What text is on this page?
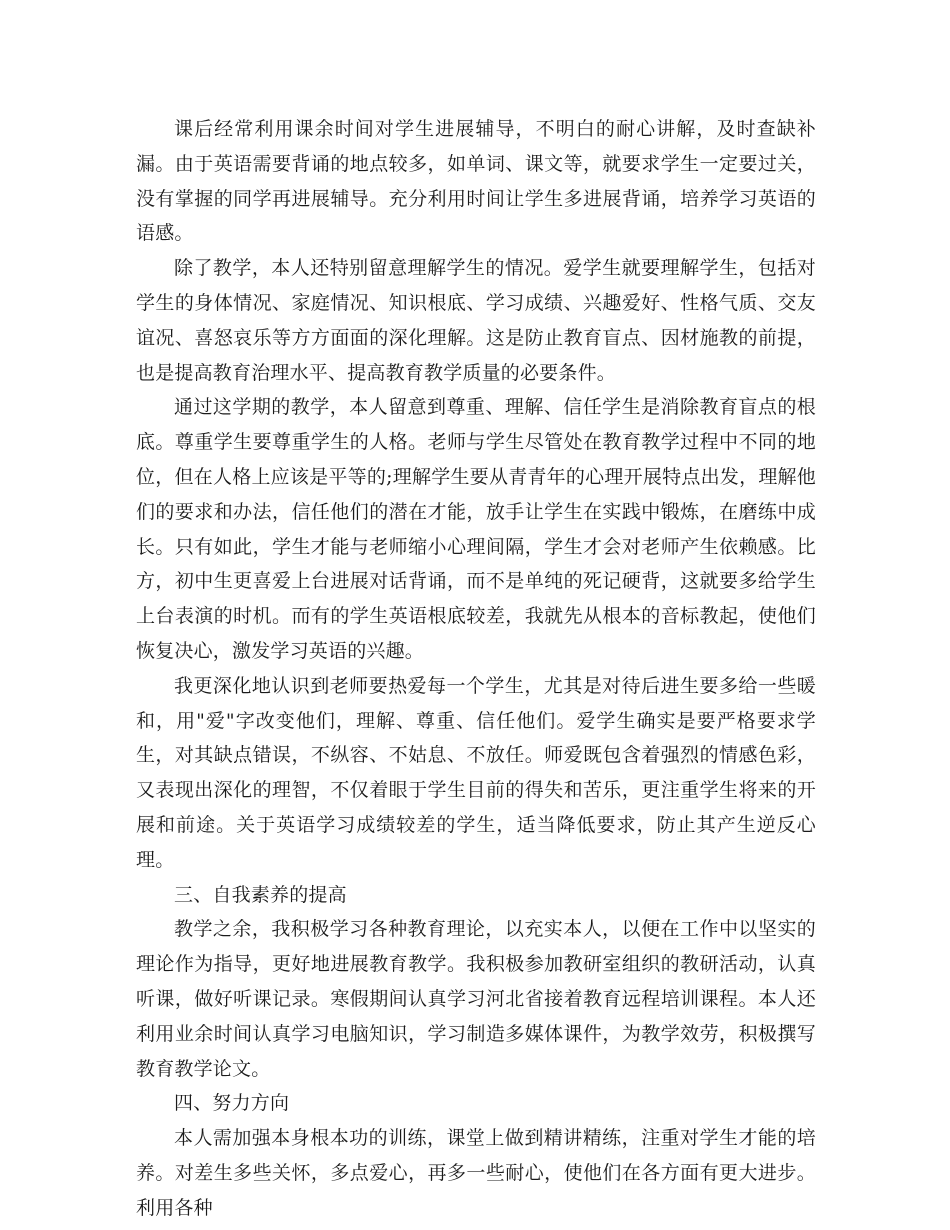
课后经常利用课余时间对学生进展辅导，不明白的耐心讲解，及时查缺补漏。由于英语需要背诵的地点较多，如单词、课文等，就要求学生一定要过关，没有掌握的同学再进展辅导。充分利用时间让学生多进展背诵，培养学习英语的语感。

除了教学，本人还特别留意理解学生的情况。爱学生就要理解学生，包括对学生的身体情况、家庭情况、知识根底、学习成绩、兴趣爱好、性格气质、交友谊况、喜怒哀乐等方方面面的深化理解。这是防止教育盲点、因材施教的前提，也是提高教育治理水平、提高教育教学质量的必要条件。

通过这学期的教学，本人留意到尊重、理解、信任学生是消除教育盲点的根底。尊重学生要尊重学生的人格。老师与学生尽管处在教育教学过程中不同的地位，但在人格上应该是平等的;理解学生要从青青年的心理开展特点出发，理解他们的要求和办法，信任他们的潜在才能，放手让学生在实践中锻炼，在磨练中成长。只有如此，学生才能与老师缩小心理间隔，学生才会对老师产生依赖感。比方，初中生更喜爱上台进展对话背诵，而不是单纯的死记硬背，这就要多给学生上台表演的时机。而有的学生英语根底较差，我就先从根本的音标教起，使他们恢复决心，激发学习英语的兴趣。

我更深化地认识到老师要热爱每一个学生，尤其是对待后进生要多给一些暖和，用"爱"字改变他们，理解、尊重、信任他们。爱学生确实是要严格要求学生，对其缺点错误，不纵容、不姑息、不放任。师爱既包含着强烈的情感色彩，又表现出深化的理智，不仅着眼于学生目前的得失和苦乐，更注重学生将来的开展和前途。关于英语学习成绩较差的学生，适当降低要求，防止其产生逆反心理。

三、自我素养的提高

教学之余，我积极学习各种教育理论，以充实本人，以便在工作中以坚实的理论作为指导，更好地进展教育教学。我积极参加教研室组织的教研活动，认真听课，做好听课记录。寒假期间认真学习河北省接着教育远程培训课程。本人还利用业余时间认真学习电脑知识，学习制造多媒体课件，为教学效劳，积极撰写教育教学论文。

四、努力方向

本人需加强本身根本功的训练，课堂上做到精讲精练，注重对学生才能的培养。对差生多些关怀，多点爱心，再多一些耐心，使他们在各方面有更大进步。利用各种
